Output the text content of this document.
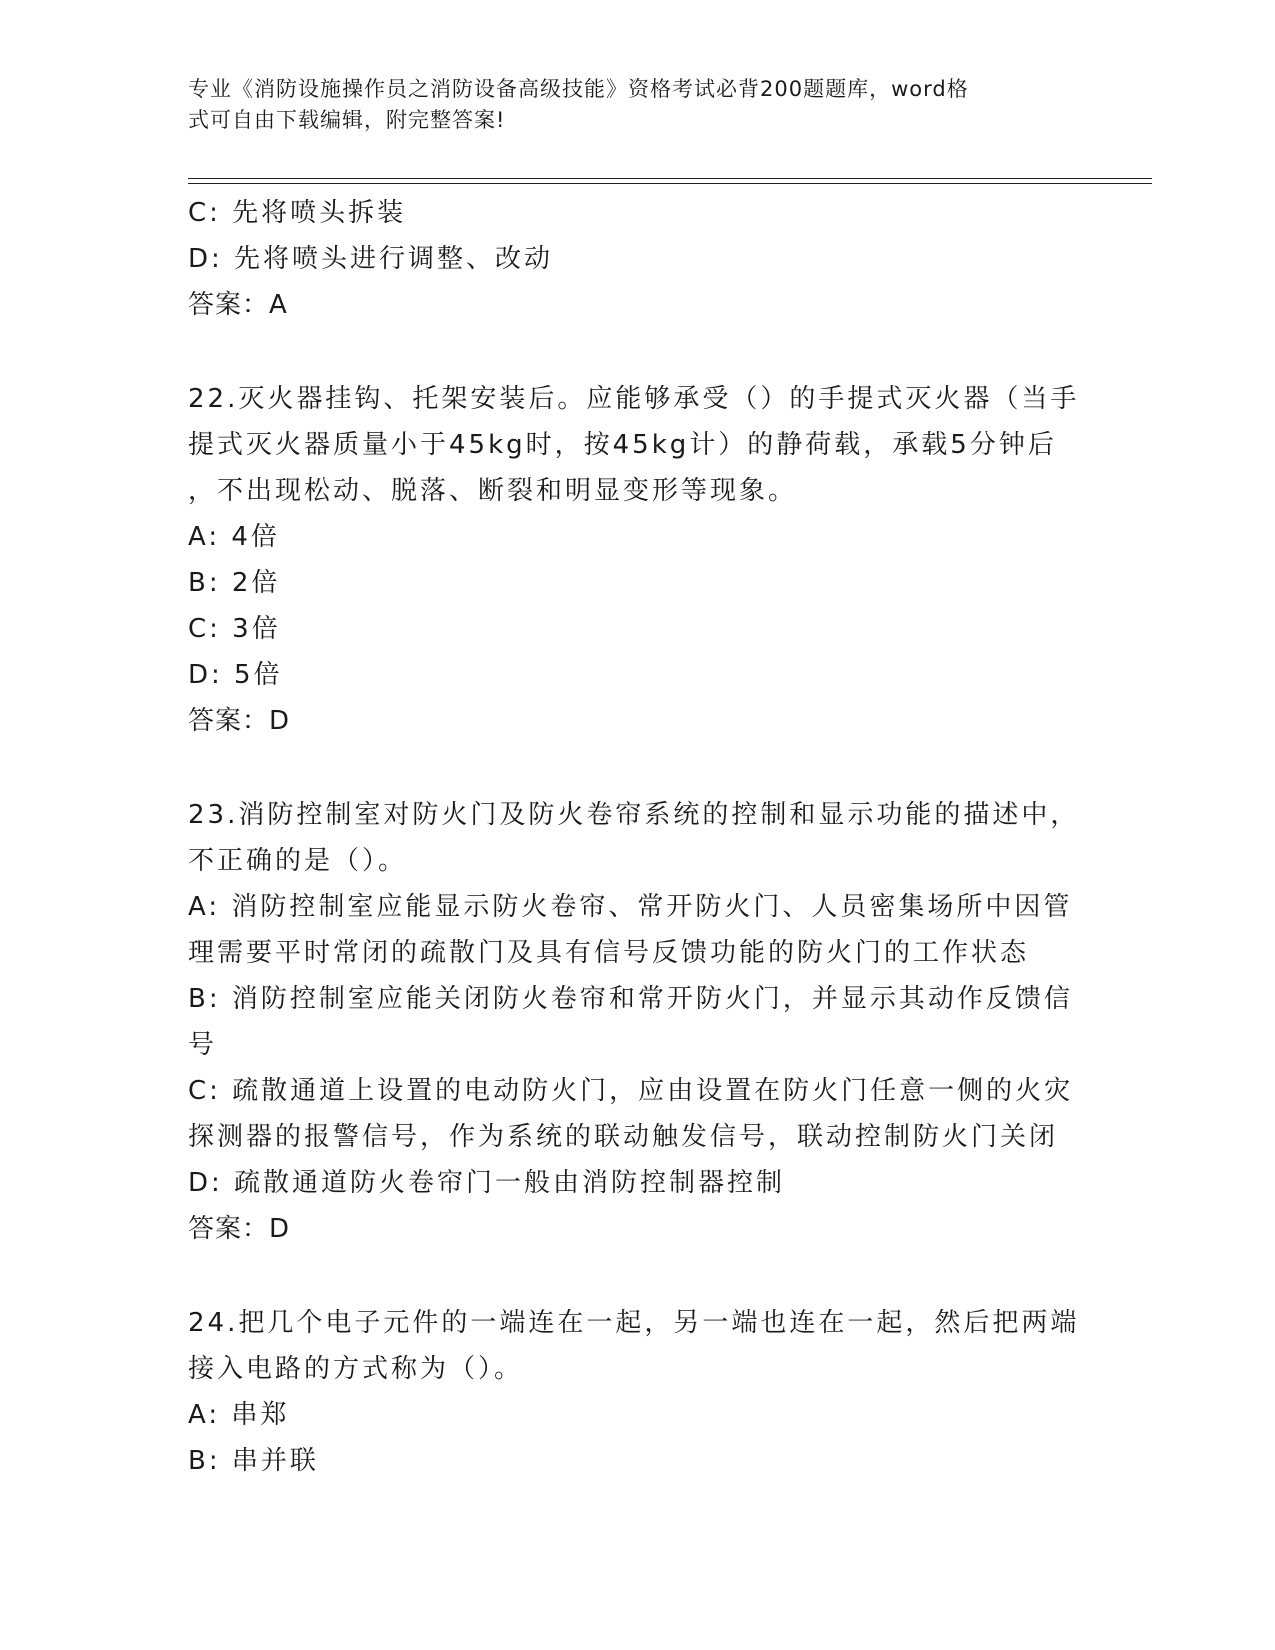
专业《消防设施操作员之消防设备高级技能》资格考试必背200题题库，word格
式可自由下载编辑，附完整答案!
C: 先将喷头拆装
D: 先将喷头进行调整、改动
答案：A
22.灭火器挂钩、托架安装后。应能够承受（）的手提式灭火器（当手
提式灭火器质量小于45kg时，按45kg计）的静荷载，承载5分钟后
，不出现松动、脱落、断裂和明显变形等现象。
A: 4倍
B: 2倍
C: 3倍
D: 5倍
答案：D
23.消防控制室对防火门及防火卷帘系统的控制和显示功能的描述中，
不正确的是（）。
A: 消防控制室应能显示防火卷帘、常开防火门、人员密集场所中因管
理需要平时常闭的疏散门及具有信号反馈功能的防火门的工作状态
B: 消防控制室应能关闭防火卷帘和常开防火门，并显示其动作反馈信
号
C: 疏散通道上设置的电动防火门，应由设置在防火门任意一侧的火灾
探测器的报警信号，作为系统的联动触发信号，联动控制防火门关闭
D: 疏散通道防火卷帘门一般由消防控制器控制
答案：D
24.把几个电子元件的一端连在一起，另一端也连在一起，然后把两端
接入电路的方式称为（）。
A: 串郑
B: 串并联
